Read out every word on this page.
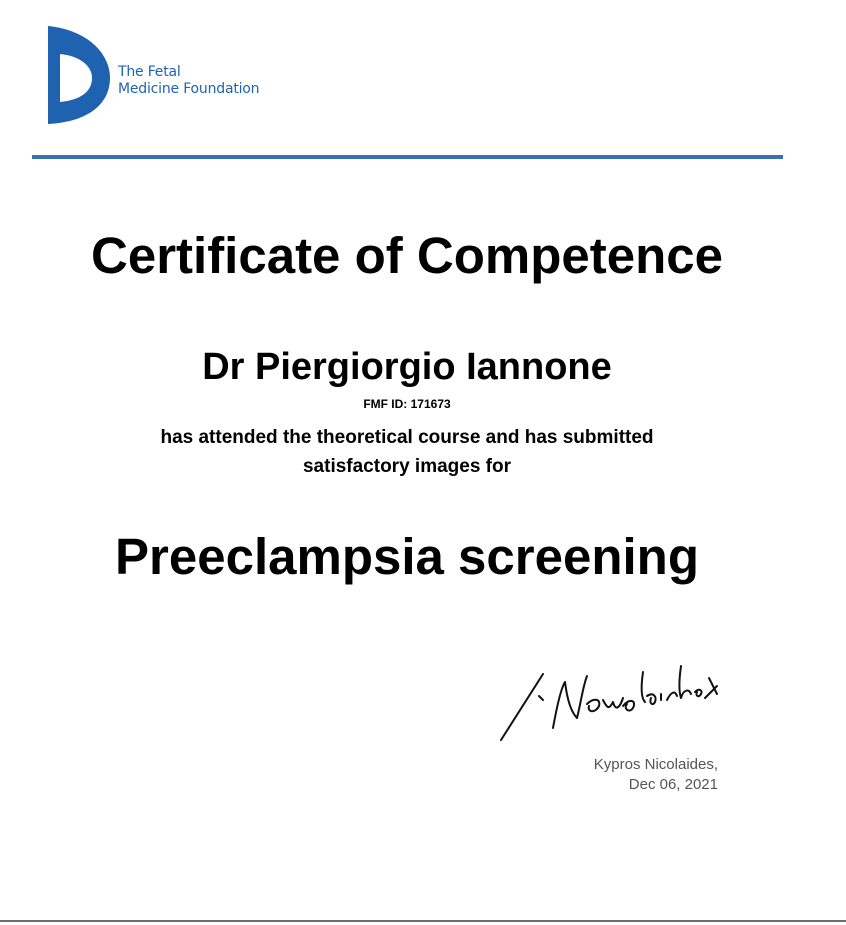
The Fetal
Medicine Foundation
Certificate of Competence
Dr Piergiorgio Iannone
FMF ID: 171673
has attended the theoretical course and has submitted
satisfactory images for
Preeclampsia screening
Kypros Nicolaides,
Dec 06, 2021
